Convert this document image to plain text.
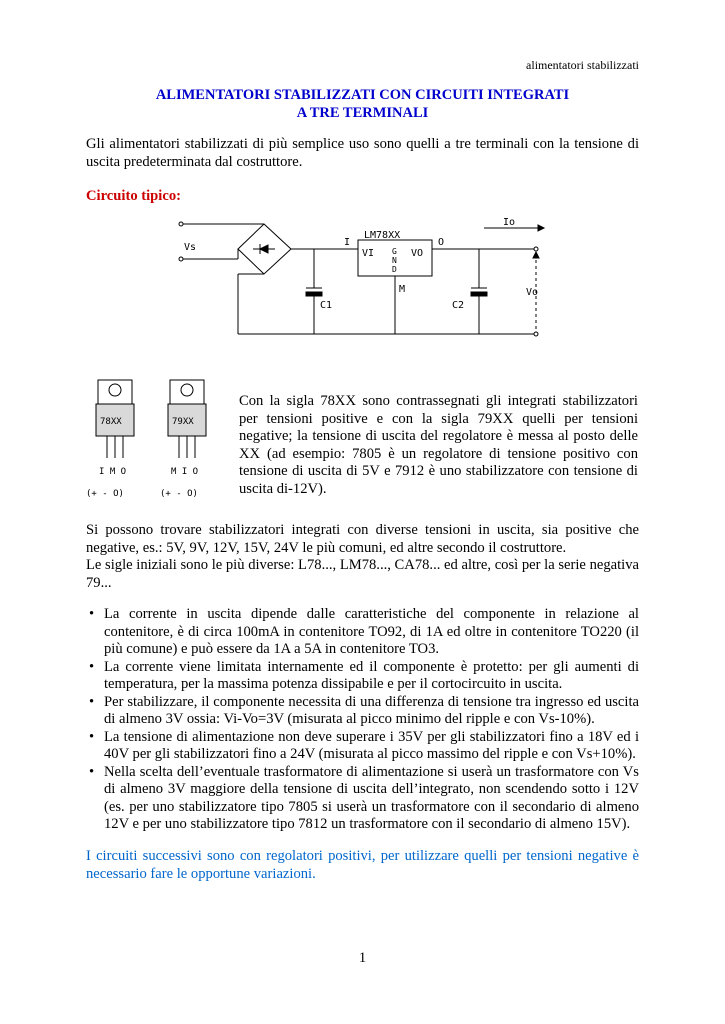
alimentatori stabilizzati
ALIMENTATORI STABILIZZATI CON CIRCUITI INTEGRATI
A TRE TERMINALI
Gli alimentatori stabilizzati di più semplice uso sono quelli a tre terminali con la tensione di uscita predeterminata dal costruttore.
Circuito tipico:
Vs	I
LM78XX
VI	VO
G
N
D
O
M
Io
C1	C2
Vo
78XX	79XX
I M O	M I O
(+ - O)	(+ - O)
Con la sigla 78XX sono contrassegnati gli integrati stabilizzatori per tensioni positive e con la sigla 79XX quelli per tensioni negative; la tensione di uscita del regolatore è messa al posto delle XX (ad esempio: 7805 è un regolatore di tensione positivo con tensione di uscita di 5V e 7912 è uno stabilizzatore con tensione di uscita di-12V).
Si possono trovare stabilizzatori integrati con diverse tensioni in uscita, sia positive che negative, es.: 5V, 9V, 12V, 15V, 24V le più comuni, ed altre secondo il costruttore.
Le sigle iniziali sono le più diverse: L78..., LM78..., CA78... ed altre, così per la serie negativa 79...
• La corrente in uscita dipende dalle caratteristiche del componente in relazione al contenitore, è di circa 100mA in contenitore TO92, di 1A ed oltre in contenitore TO220 (il più comune) e può essere da 1A a 5A in contenitore TO3.
• La corrente viene limitata internamente ed il componente è protetto: per gli aumenti di temperatura, per la massima potenza dissipabile e per il cortocircuito in uscita.
• Per stabilizzare, il componente necessita di una differenza di tensione tra ingresso ed uscita di almeno 3V ossia: Vi-Vo=3V (misurata al picco minimo del ripple e con Vs-10%).
• La tensione di alimentazione non deve superare i 35V per gli stabilizzatori fino a 18V ed i 40V per gli stabilizzatori fino a 24V (misurata al picco massimo del ripple e con Vs+10%).
• Nella scelta dell’eventuale trasformatore di alimentazione si userà un trasformatore con Vs di almeno 3V maggiore della tensione di uscita dell’integrato, non scendendo sotto i 12V (es. per uno stabilizzatore tipo 7805 si userà un trasformatore con il secondario di almeno 12V e per uno stabilizzatore tipo 7812 un trasformatore con il secondario di almeno 15V).
I circuiti successivi sono con regolatori positivi, per utilizzare quelli per tensioni negative è necessario fare le opportune variazioni.
1
